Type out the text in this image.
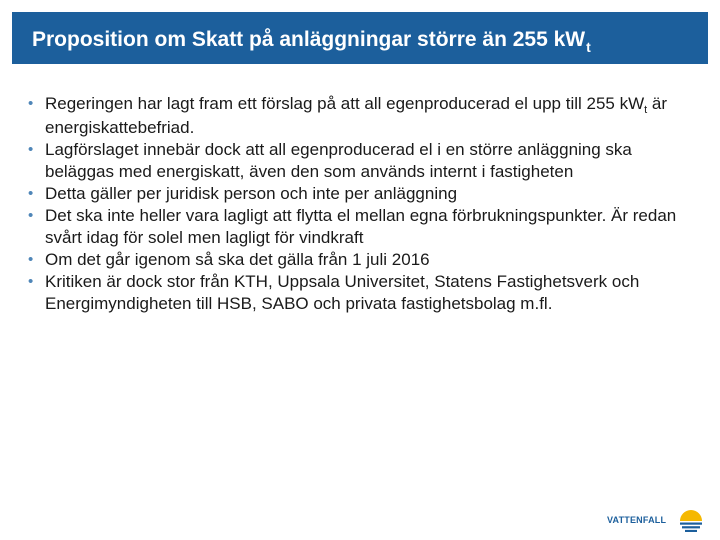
Proposition om Skatt på anläggningar större än 255 $kW_t$
• Regeringen har lagt fram ett förslag på att all egenproducerad el upp till 255 $kW_t$ är energiskattebefriad.
• Lagförslaget innebär dock att all egenproducerad el i en större anläggning ska beläggas med energiskatt, även den som används internt i fastigheten
• Detta gäller per juridisk person och inte per anläggning
• Det ska inte heller vara lagligt att flytta el mellan egna förbrukningspunkter. Är redan svårt idag för solel men lagligt för vindkraft
• Om det går igenom så ska det gälla från 1 juli 2016
• Kritiken är dock stor från KTH, Uppsala Universitet, Statens Fastighetsverk och Energimyndigheten till HSB, SABO och privata fastighetsbolag m.fl.
VATTENFALL
